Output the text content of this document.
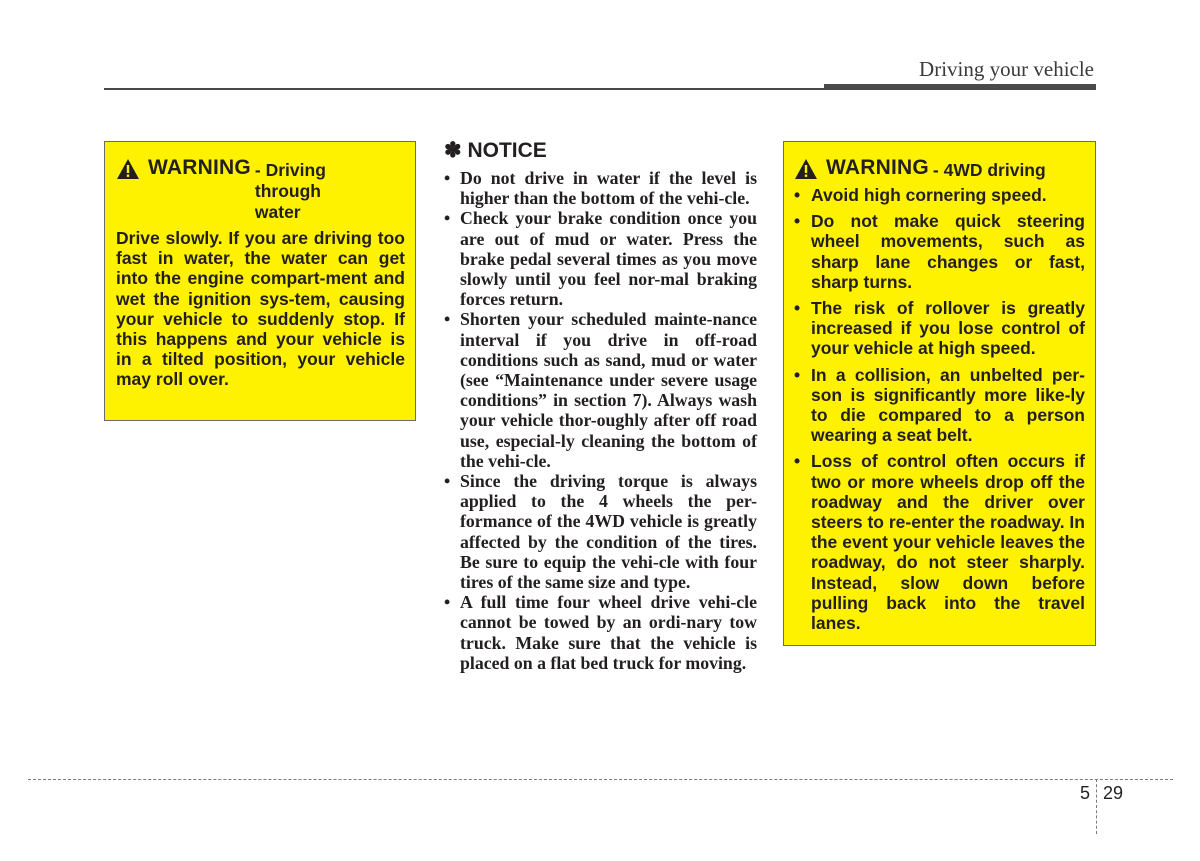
Driving your vehicle
WARNING - Driving through water
Drive slowly. If you are driving too fast in water, the water can get into the engine compart-ment and wet the ignition sys-tem, causing your vehicle to suddenly stop. If this happens and your vehicle is in a tilted position, your vehicle may roll over.
✽ NOTICE
• Do not drive in water if the level is higher than the bottom of the vehi-cle.
• Check your brake condition once you are out of mud or water. Press the brake pedal several times as you move slowly until you feel nor-mal braking forces return.
• Shorten your scheduled mainte-nance interval if you drive in off-road conditions such as sand, mud or water (see “Maintenance under severe usage conditions” in section 7). Always wash your vehicle thor-oughly after off road use, especial-ly cleaning the bottom of the vehi-cle.
• Since the driving torque is always applied to the 4 wheels the per-formance of the 4WD vehicle is greatly affected by the condition of the tires. Be sure to equip the vehi-cle with four tires of the same size and type.
• A full time four wheel drive vehi-cle cannot be towed by an ordi-nary tow truck. Make sure that the vehicle is placed on a flat bed truck for moving.
WARNING - 4WD driving
• Avoid high cornering speed.
• Do not make quick steering wheel movements, such as sharp lane changes or fast, sharp turns.
• The risk of rollover is greatly increased if you lose control of your vehicle at high speed.
• In a collision, an unbelted per-son is significantly more like-ly to die compared to a person wearing a seat belt.
• Loss of control often occurs if two or more wheels drop off the roadway and the driver over steers to re-enter the roadway. In the event your vehicle leaves the roadway, do not steer sharply. Instead, slow down before pulling back into the travel lanes.
5 29
